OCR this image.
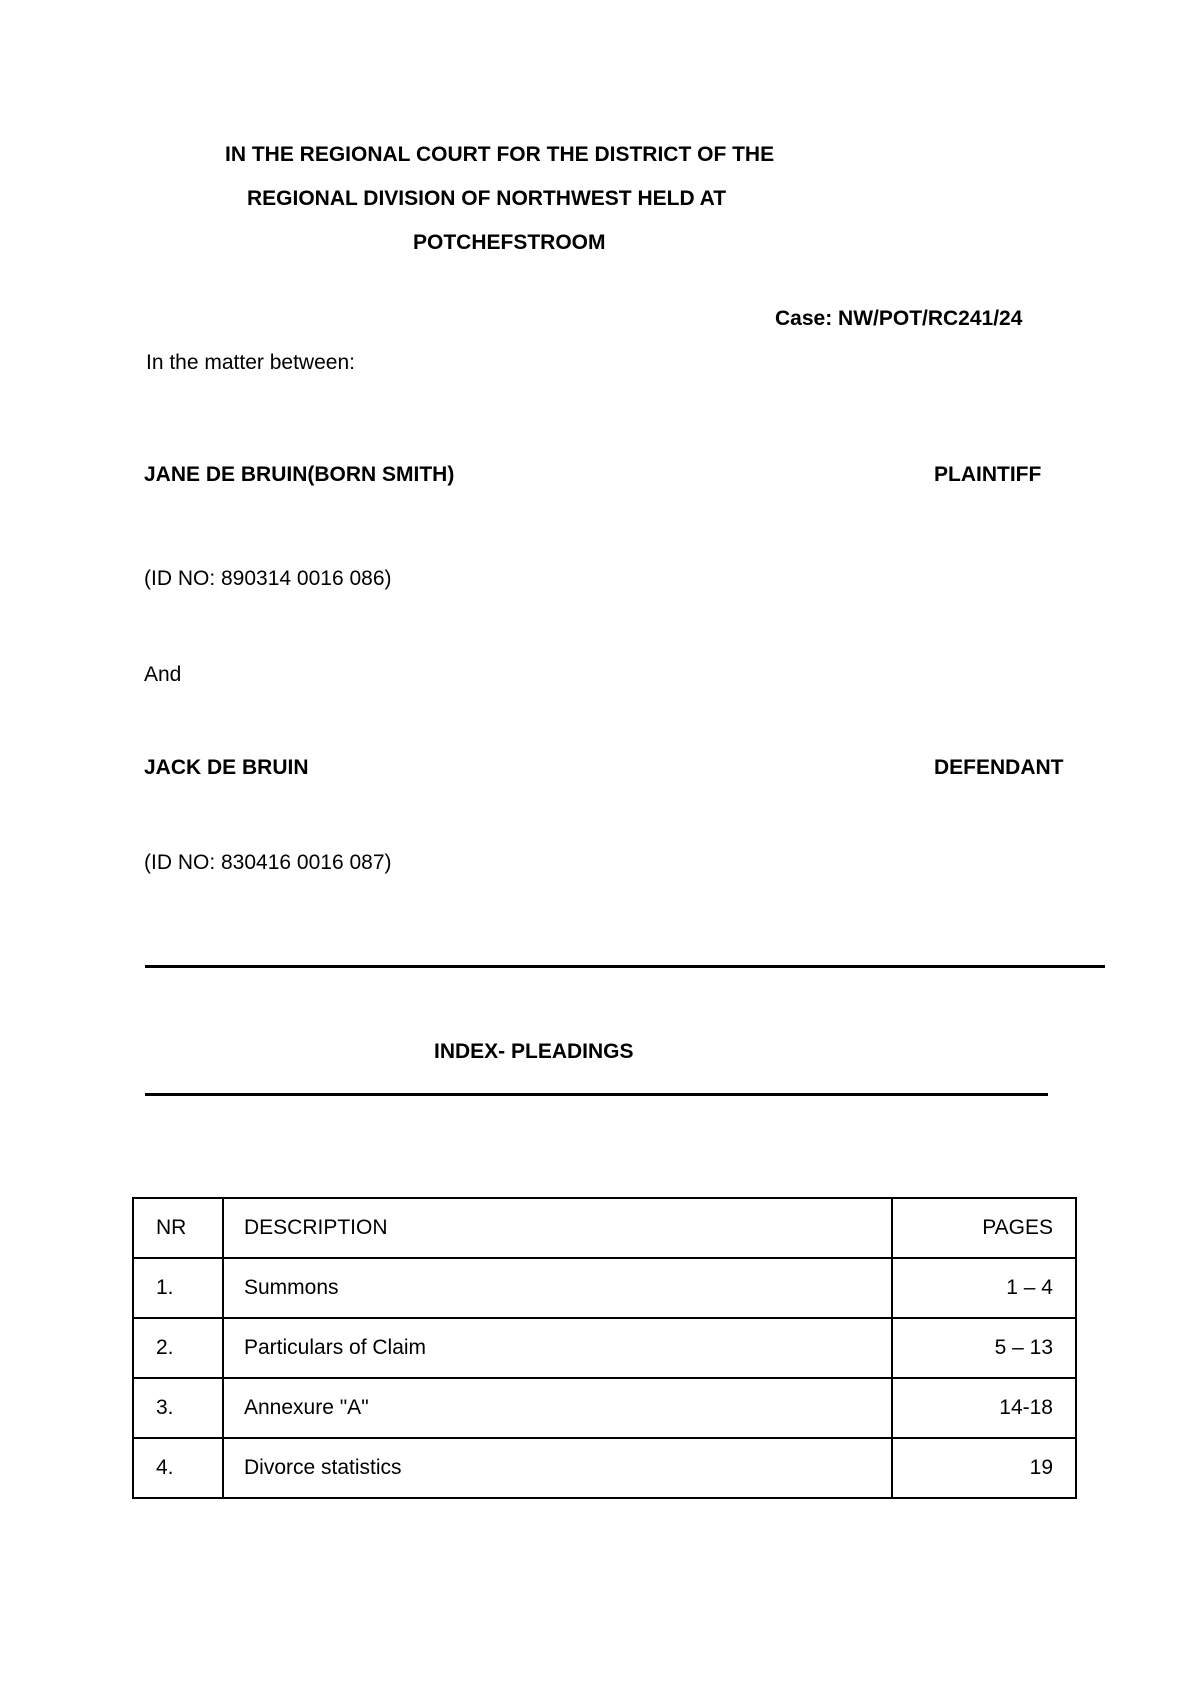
IN THE REGIONAL COURT FOR THE DISTRICT OF THE
REGIONAL DIVISION OF NORTHWEST HELD AT
POTCHEFSTROOM
Case: NW/POT/RC241/24
In the matter between:
JANE DE BRUIN(BORN SMITH)	PLAINTIFF
(ID NO: 890314 0016 086)
And
JACK DE BRUIN	DEFENDANT
(ID NO: 830416 0016 087)
INDEX- PLEADINGS
NR	DESCRIPTION	PAGES
1.	Summons	1 – 4
2.	Particulars of Claim	5 – 13
3.	Annexure "A"	14-18
4.	Divorce statistics	19
